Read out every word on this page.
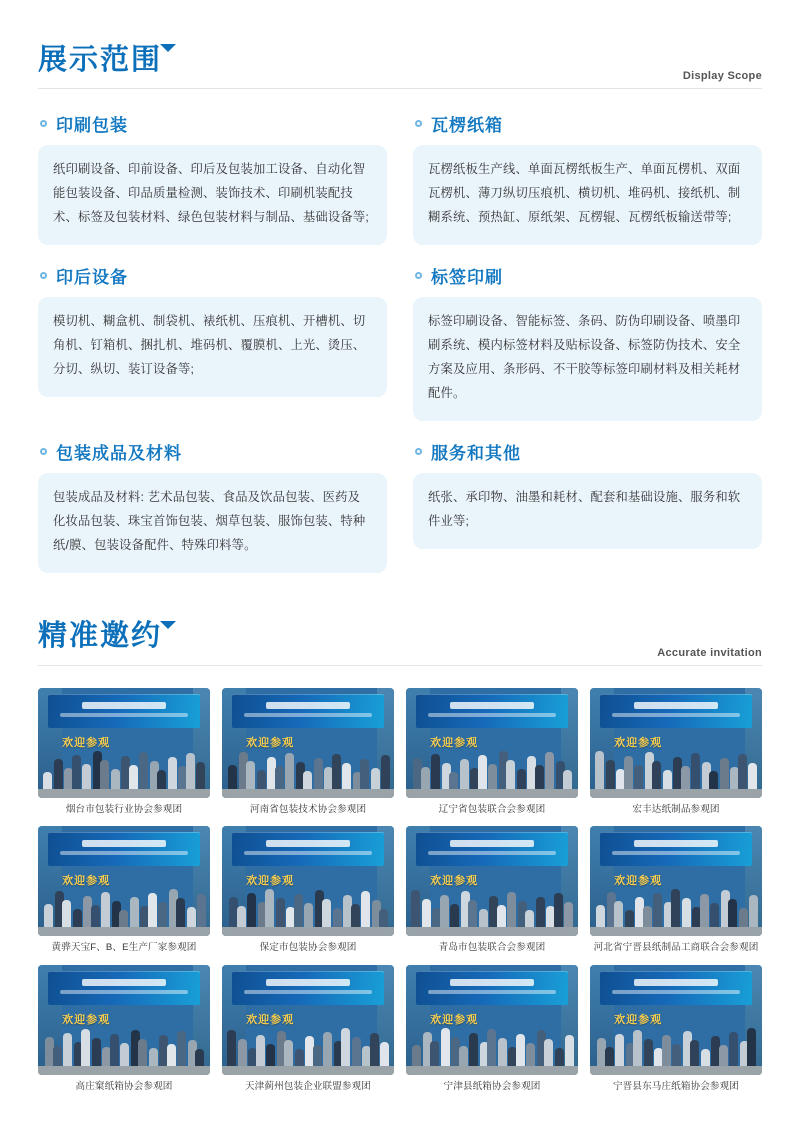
展示范围
Display Scope
印刷包装
纸印刷设备、印前设备、印后及包装加工设备、自动化智能包装设备、印品质量检测、装饰技术、印刷机装配技术、标签及包装材料、绿色包装材料与制品、基础设备等;
瓦楞纸箱
瓦楞纸板生产线、单面瓦楞纸板生产、单面瓦楞机、双面瓦楞机、薄刀纵切压痕机、横切机、堆码机、接纸机、制糊系统、预热缸、原纸架、瓦楞辊、瓦楞纸板输送带等;
印后设备
模切机、糊盒机、制袋机、裱纸机、压痕机、开槽机、切角机、钉箱机、捆扎机、堆码机、覆膜机、上光、烫压、分切、纵切、装订设备等;
标签印刷
标签印刷设备、智能标签、条码、防伪印刷设备、喷墨印刷系统、模内标签材料及贴标设备、标签防伪技术、安全方案及应用、条形码、不干胶等标签印刷材料及相关耗材配件。
包装成品及材料
包装成品及材料: 艺术品包装、食品及饮品包装、医药及化妆品包装、珠宝首饰包装、烟草包装、服饰包装、特种纸/膜、包装设备配件、特殊印料等。
服务和其他
纸张、承印物、油墨和耗材、配套和基础设施、服务和软件业等;
精准邀约
Accurate invitation
欢迎参观
烟台市包装行业协会参观团
欢迎参观
河南省包装技术协会参观团
欢迎参观
辽宁省包装联合会参观团
欢迎参观
宏丰达纸制品参观团
欢迎参观
黄骅天宝F、B、E生产厂家参观团
欢迎参观
保定市包装协会参观团
欢迎参观
青岛市包装联合会参观团
欢迎参观
河北省宁晋县纸制品工商联合会参观团
欢迎参观
高庄窠纸箱协会参观团
欢迎参观
天津蓟州包装企业联盟参观团
欢迎参观
宁津县纸箱协会参观团
欢迎参观
宁晋县东马庄纸箱协会参观团
